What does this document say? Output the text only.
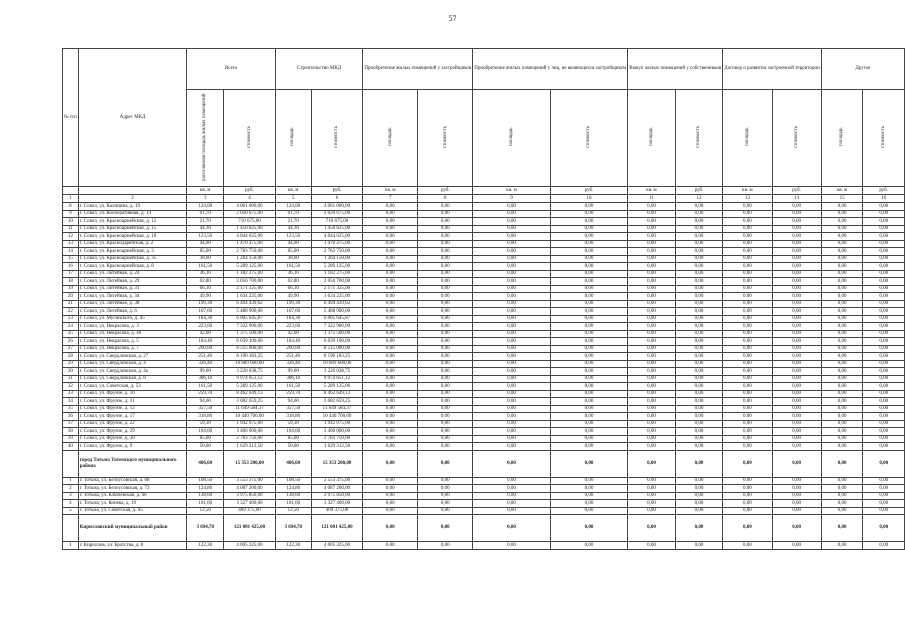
57
№ п/п	Адрес МКД	Всего		Строительство МКД		Приобретение жилых помещений у застройщиков		Приобретение жилых помещений у лиц, не являющихся застройщиком		Выкуп жилых помещений у собственников		Договор о развитии застроенной территории		Другое	
		расселяемая площадь жилых помещений	стоимость	площадь	стоимость	площадь	стоимость	площадь	стоимость	площадь	стоимость	площадь	стоимость	площадь	стоимость
		кв. м	руб.	кв. м	руб.	кв. м	руб.	кв. м	руб.	кв. м	руб.	кв. м	руб.	кв. м	руб.
1	2	3	4	5	6	7	8	9	10	11	12	13	14	15	16
8	г. Сокол, ул. Калинина, д. 19	124,00	4 061 000,00	124,00	4 061 000,00	0,00	0,00	0,00	0,00	0,00	0,00	0,00	0,00	0,00	0,00
9	г. Сокол, ул. Кооперативная, д. 14	61,70	2 020 675,00	61,70	2 020 675,00	0,00	0,00	0,00	0,00	0,00	0,00	0,00	0,00	0,00	0,00
10	г. Сокол, ул. Красноармейская, д. 12	21,70	710 675,00	21,70	710 675,00	0,00	0,00	0,00	0,00	0,00	0,00	0,00	0,00	0,00	0,00
11	г. Сокол, ул. Красноармейская, д. 15	44,30	1 450 825,00	44,30	1 450 825,00	0,00	0,00	0,00	0,00	0,00	0,00	0,00	0,00	0,00	0,00
12	г. Сокол, ул. Красноармейская, д. 18	123,50	4 044 625,00	123,50	4 044 625,00	0,00	0,00	0,00	0,00	0,00	0,00	0,00	0,00	0,00	0,00
13	г. Сокол, ул. Краснодарейская, д. 2	44,90	1 470 475,00	44,90	1 470 475,00	0,00	0,00	0,00	0,00	0,00	0,00	0,00	0,00	0,00	0,00
14	г. Сокол, ул. Красноармейская, д. 3	85,00	2 783 750,00	85,00	2 783 750,00	0,00	0,00	0,00	0,00	0,00	0,00	0,00	0,00	0,00	0,00
15	г. Сокол, ул. Красноармейская, д. 35	38,60	1 264 150,00	38,60	1 264 150,00	0,00	0,00	0,00	0,00	0,00	0,00	0,00	0,00	0,00	0,00
16	г. Сокол, ул. Красноармейская, д. 8	161,50	5 289 125,00	161,50	5 289 125,00	0,00	0,00	0,00	0,00	0,00	0,00	0,00	0,00	0,00	0,00
17	г. Сокол, ул. Литейная, д. 24	36,10	1 182 275,00	36,10	1 182 275,00	0,00	0,00	0,00	0,00	0,00	0,00	0,00	0,00	0,00	0,00
18	г. Сокол, ул. Литейная, д. 29	62,80	2 056 700,00	62,80	2 056 700,00	0,00	0,00	0,00	0,00	0,00	0,00	0,00	0,00	0,00	0,00
19	г. Сокол, ул. Литейная, д. 31	66,30	2 171 325,00	66,30	2 171 325,00	0,00	0,00	0,00	0,00	0,00	0,00	0,00	0,00	0,00	0,00
20	г. Сокол, ул. Литейная, д. 34	49,90	1 634 225,00	49,90	1 634 225,00	0,00	0,00	0,00	0,00	0,00	0,00	0,00	0,00	0,00	0,00
21	г. Сокол, ул. Литейная, д. 38	199,30	6 494 439,62	199,30	6 494 439,62	0,00	0,00	0,00	0,00	0,00	0,00	0,00	0,00	0,00	0,00
22	г. Сокол, ул. Литейная, д. 6	167,60	5 488 900,00	167,60	5 488 900,00	0,00	0,00	0,00	0,00	0,00	0,00	0,00	0,00	0,00	0,00
23	г. Сокол, ул. Мусинского, д. 45	184,30	6 005 645,87	184,30	6 005 645,87	0,00	0,00	0,00	0,00	0,00	0,00	0,00	0,00	0,00	0,00
24	г. Сокол, ул. Некрасова, д. 3	223,60	7 322 900,00	223,60	7 322 900,00	0,00	0,00	0,00	0,00	0,00	0,00	0,00	0,00	0,00	0,00
25	г. Сокол, ул. Некрасова, д. 40	42,00	1 375 500,00	42,00	1 375 500,00	0,00	0,00	0,00	0,00	0,00	0,00	0,00	0,00	0,00	0,00
26	г. Сокол, ул. Некрасова, д. 5	184,40	6 039 100,00	184,40	6 039 100,00	0,00	0,00	0,00	0,00	0,00	0,00	0,00	0,00	0,00	0,00
27	г. Сокол, ул. Некрасова, д. 7	260,00	8 515 000,00	260,00	8 515 000,00	0,00	0,00	0,00	0,00	0,00	0,00	0,00	0,00	0,00	0,00
28	г. Сокол, ул. Свердловская, д. 27	251,40	8 190 183,25	251,40	8 190 183,25	0,00	0,00	0,00	0,00	0,00	0,00	0,00	0,00	0,00	0,00
29	г. Сокол, ул. Свердловская, д. 4	326,40	10 689 600,00	326,40	10 689 600,00	0,00	0,00	0,00	0,00	0,00	0,00	0,00	0,00	0,00	0,00
30	г. Сокол, ул. Свердловская, д. 4а	99,00	3 226 038,75	99,00	3 226 038,75	0,00	0,00	0,00	0,00	0,00	0,00	0,00	0,00	0,00	0,00
31	г. Сокол, ул. Свердловская, д. 8	306,10	9 974 651,12	306,10	9 974 651,12	0,00	0,00	0,00	0,00	0,00	0,00	0,00	0,00	0,00	0,00
32	г. Сокол, ул. Советская, д. 53	161,50	5 289 125,00	161,50	5 289 125,00	0,00	0,00	0,00	0,00	0,00	0,00	0,00	0,00	0,00	0,00
33	г. Сокол, ул. Фрунзе, д. 10	259,70	8 462 649,13	259,70	8 462 649,13	0,00	0,00	0,00	0,00	0,00	0,00	0,00	0,00	0,00	0,00
34	г. Сокол, ул. Фрунзе, д. 11	94,60	3 082 659,25	94,60	3 082 659,25	0,00	0,00	0,00	0,00	0,00	0,00	0,00	0,00	0,00	0,00
35	г. Сокол, ул. Фрунзе, д. 12	357,50	11 649 584,37	357,50	11 649 584,37	0,00	0,00	0,00	0,00	0,00	0,00	0,00	0,00	0,00	0,00
36	г. Сокол, ул. Фрунзе, д. 17	318,80	10 440 700,00	318,80	10 440 700,00	0,00	0,00	0,00	0,00	0,00	0,00	0,00	0,00	0,00	0,00
37	г. Сокол, ул. Фрунзе, д. 22	59,30	1 942 075,00	59,30	1 942 075,00	0,00	0,00	0,00	0,00	0,00	0,00	0,00	0,00	0,00	0,00
38	г. Сокол, ул. Фрунзе, д. 29	104,00	3 406 000,00	104,00	3 406 000,00	0,00	0,00	0,00	0,00	0,00	0,00	0,00	0,00	0,00	0,00
39	г. Сокол, ул. Фрунзе, д. 30	85,00	2 783 750,00	85,00	2 783 750,00	0,00	0,00	0,00	0,00	0,00	0,00	0,00	0,00	0,00	0,00
40	г. Сокол, ул. Фрунзе, д. 9	50,00	1 629 312,50	50,00	1 629 312,50	0,00	0,00	0,00	0,00	0,00	0,00	0,00	0,00	0,00	0,00
	город Тотьма Тотемского муниципального района	486,00	15 353 200,00	486,00	15 353 200,00	0,00	0,00	0,00	0,00	0,00	0,00	0,00	0,00	0,00	0,00
1	г. Тотьма, ул. Белоусовская, д. 68	108,50	3 553 375,00	108,50	3 553 375,00	0,00	0,00	0,00	0,00	0,00	0,00	0,00	0,00	0,00	0,00
2	г. Тотьма, ул. Белоусовская, д. 72	124,80	4 087 200,00	124,80	4 087 200,00	0,00	0,00	0,00	0,00	0,00	0,00	0,00	0,00	0,00	0,00
3	г. Тотьма, ул. Ключевская, д. 40	138,60	3 975 850,00	138,60	3 975 850,00	0,00	0,00	0,00	0,00	0,00	0,00	0,00	0,00	0,00	0,00
4	г. Тотьма, ул. Конева, д. 19	101,60	3 327 400,00	101,60	3 327 400,00	0,00	0,00	0,00	0,00	0,00	0,00	0,00	0,00	0,00	0,00
5	г. Тотьма, ул. Советская, д. 45	12,50	409 375,00	12,50	409 375,00	0,00	0,00	0,00	0,00	0,00	0,00	0,00	0,00	0,00	0,00
	Кирилловский муниципальный район	3 694,70	121 001 425,00	3 694,70	121 001 425,00	0,00	0,00	0,00	0,00	0,00	0,00	0,00	0,00	0,00	0,00
1	г. Кириллов, ул. Братства, д. 8	122,30	4 005 325,00	122,30	4 005 325,00	0,00	0,00	0,00	0,00	0,00	0,00	0,00	0,00	0,00	0,00
